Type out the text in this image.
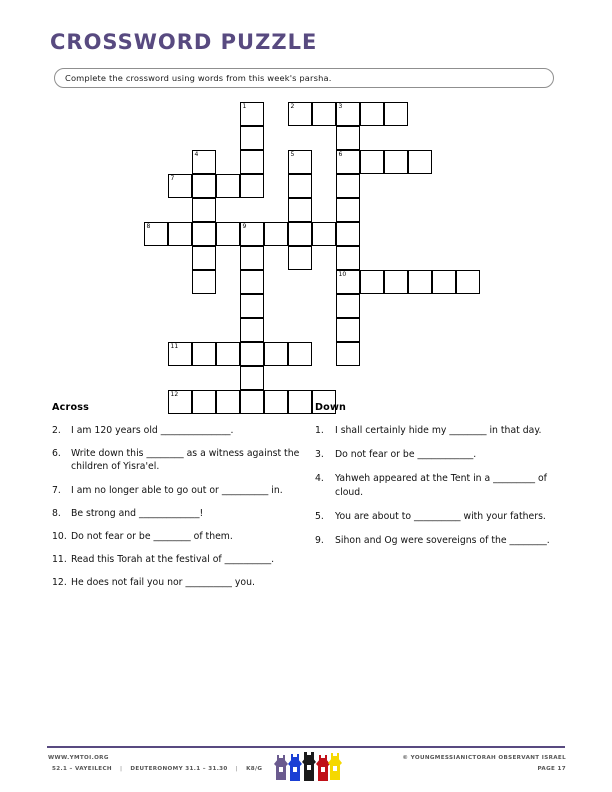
CROSSWORD PUZZLE
Complete the crossword using words from this week's parsha.
1	2	3
4	5	6
7
8	9
10
11
12
Across
2.	I am 120 years old _______________.
6.	Write down this ________ as a witness against the children of Yisra'el.
7.	I am no longer able to go out or __________ in.
8.	Be strong and _____________!
10. Do not fear or be ________ of them.
11. Read this Torah at the festival of __________.
12. He does not fail you nor __________ you.
Down
1.	I shall certainly hide my ________ in that day.
3.	Do not fear or be ____________.
4.	Yahweh appeared at the Tent in a _________ of cloud.
5.	You are about to __________ with your fathers.
9.	Sihon and Og were sovereigns of the ________.
WWW.YMTOI.ORG
52.1 – VAYEILECH | DEUTERONOMY 31.1 – 31.30 | K8/G
© YOUNGMESSIANICTORAH OBSERVANT ISRAEL
PAGE 17
